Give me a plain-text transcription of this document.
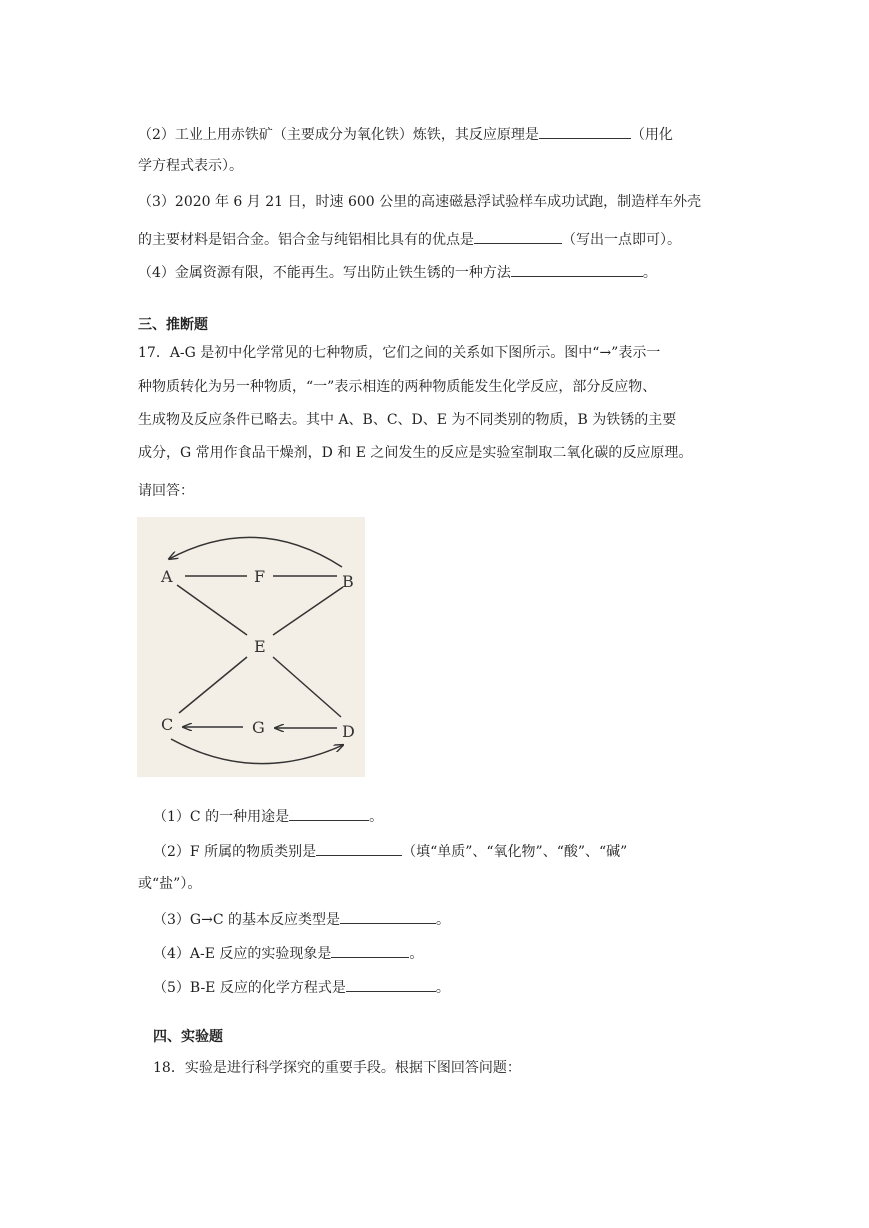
（2）工业上用赤铁矿（主要成分为氧化铁）炼铁，其反应原理是	（用化
学方程式表示）。
（3）2020 年 6 月 21 日，时速 600 公里的高速磁悬浮试验样车成功试跑，制造样车外壳
的主要材料是铝合金。铝合金与纯铝相比具有的优点是	（写出一点即可）。
（4）金属资源有限，不能再生。写出防止铁生锈的一种方法	。
三、推断题
17．A-G 是初中化学常见的七种物质，它们之间的关系如下图所示。图中“→”表示一
种物质转化为另一种物质，“一”表示相连的两种物质能发生化学反应，部分反应物、
生成物及反应条件已略去。其中 A、B、C、D、E 为不同类别的物质，B 为铁锈的主要
成分，G 常用作食品干燥剂，D 和 E 之间发生的反应是实验室制取二氧化碳的反应原理。
请回答：
A	F	B
E
C	G	D
（1）C 的一种用途是	。
（2）F 所属的物质类别是	（填“单质”、“氧化物”、“酸”、“碱”
或“盐”）。
（3）G→C 的基本反应类型是	。
（4）A-E 反应的实验现象是	。
（5）B-E 反应的化学方程式是	。
四、实验题
18．实验是进行科学探究的重要手段。根据下图回答问题：
